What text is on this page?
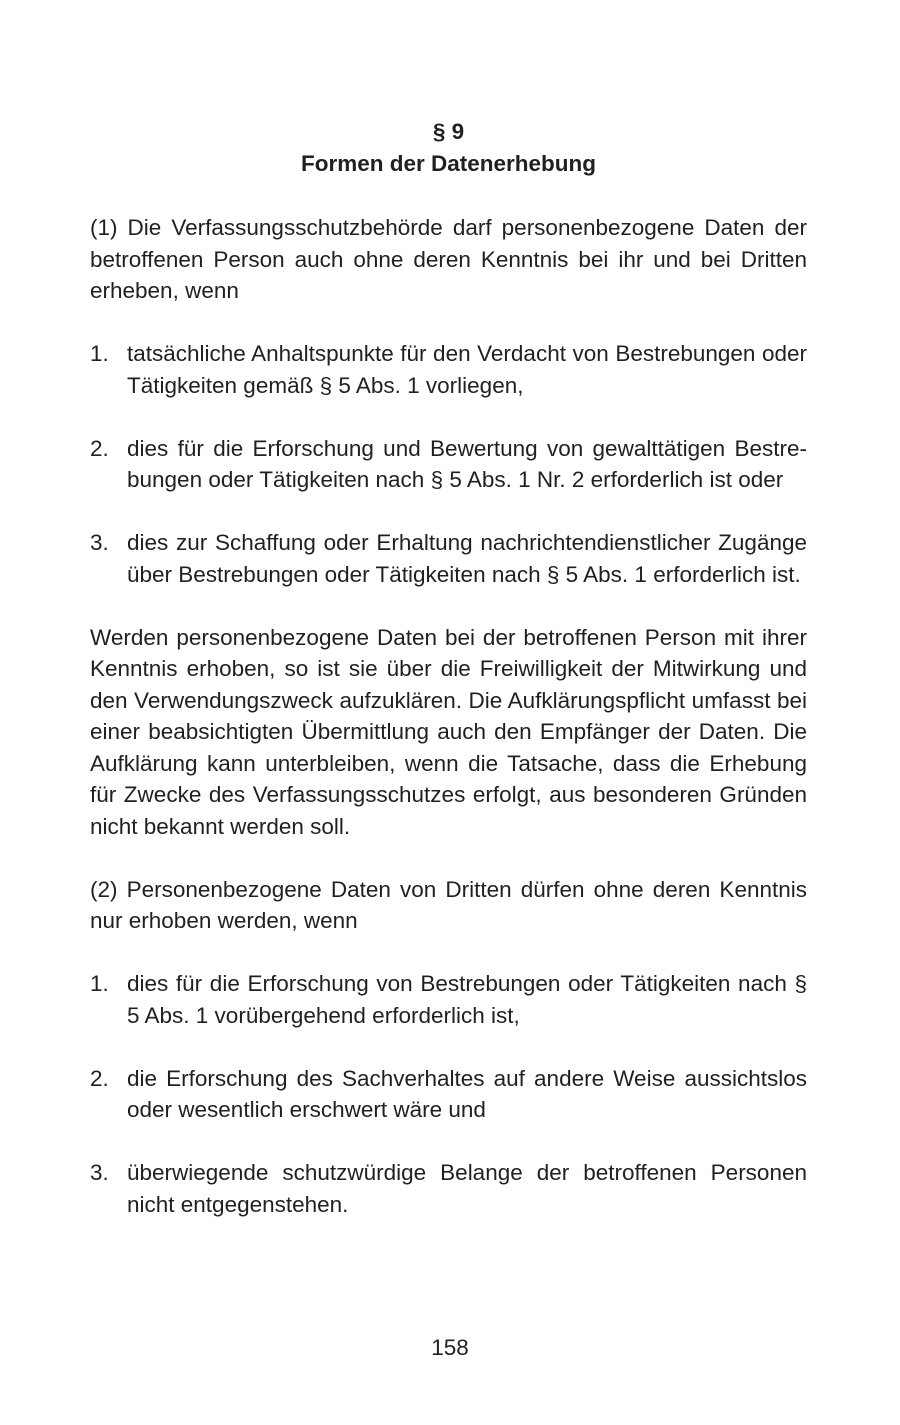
§ 9

Formen der Datenerhebung

(1) Die Verfassungsschutzbehörde darf personenbezogene Daten der betroffenen Person auch ohne deren Kenntnis bei ihr und bei Dritten erheben, wenn

1. tatsächliche Anhaltspunkte für den Verdacht von Bestrebungen oder Tätigkeiten gemäß § 5 Abs. 1 vorliegen,
2. dies für die Erforschung und Bewertung von gewalttätigen Bestrebungen oder Tätigkeiten nach § 5 Abs. 1 Nr. 2 erforderlich ist oder
3. dies zur Schaffung oder Erhaltung nachrichtendienstlicher Zugänge über Bestrebungen oder Tätigkeiten nach § 5 Abs. 1 erforderlich ist.

Werden personenbezogene Daten bei der betroffenen Person mit ihrer Kenntnis erhoben, so ist sie über die Freiwilligkeit der Mitwirkung und den Verwendungszweck aufzuklären. Die Aufklärungspflicht umfasst bei einer beabsichtigten Übermittlung auch den Empfänger der Daten. Die Aufklärung kann unterbleiben, wenn die Tatsache, dass die Erhebung für Zwecke des Verfassungsschutzes erfolgt, aus besonderen Gründen nicht bekannt werden soll.

(2) Personenbezogene Daten von Dritten dürfen ohne deren Kenntnis nur erhoben werden, wenn

1. dies für die Erforschung von Bestrebungen oder Tätigkeiten nach § 5 Abs. 1 vorübergehend erforderlich ist,
2. die Erforschung des Sachverhaltes auf andere Weise aussichtslos oder wesentlich erschwert wäre und
3. überwiegende schutzwürdige Belange der betroffenen Personen nicht entgegenstehen.
158
